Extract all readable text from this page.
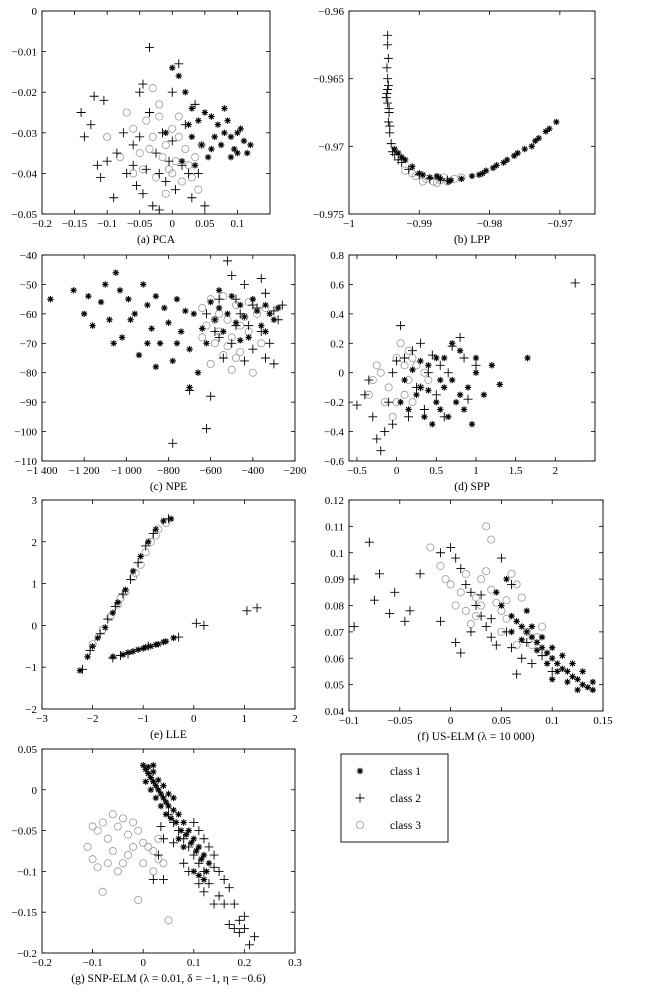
class 1
class 2
class 3
−0.2 −0.15 −0.1 −0.05 0 0.05 0.1
0
−0.01
−0.02
−0.03
−0.04
−0.05
(a) PCA
−1	−0.99	−0.98	−0.97
−0.96
−0.965
−0.97
−0.975
(b) LPP
−1 400 −1 200 −1 000 −800 −600 −400 −200
−40
−50
−60
−70
−80
−90
−100
−110
(c) NPE
−0.5 0	0.5	1	1.5	2
0.8
0.6
0.4
0.2
0
−0.2
−0.4
−0.6
(d) SPP
−3	−2	−1	0	1	2
3
2
1
0
−1
−2
(e) LLE
−0.1	−0.05	0	0.05	0.1	0.15
0.12
0.11
0.1
0.09
0.08
0.07
0.06
0.05
0.04
(f) US-ELM (λ = 10 000)
−0.2	−0.1	0	0.1	0.2	0.3
0.05
0
−0.05
−0.1
−0.15
−0.2
(g) SNP-ELM (λ = 0.01, δ = −1, η = −0.6)
